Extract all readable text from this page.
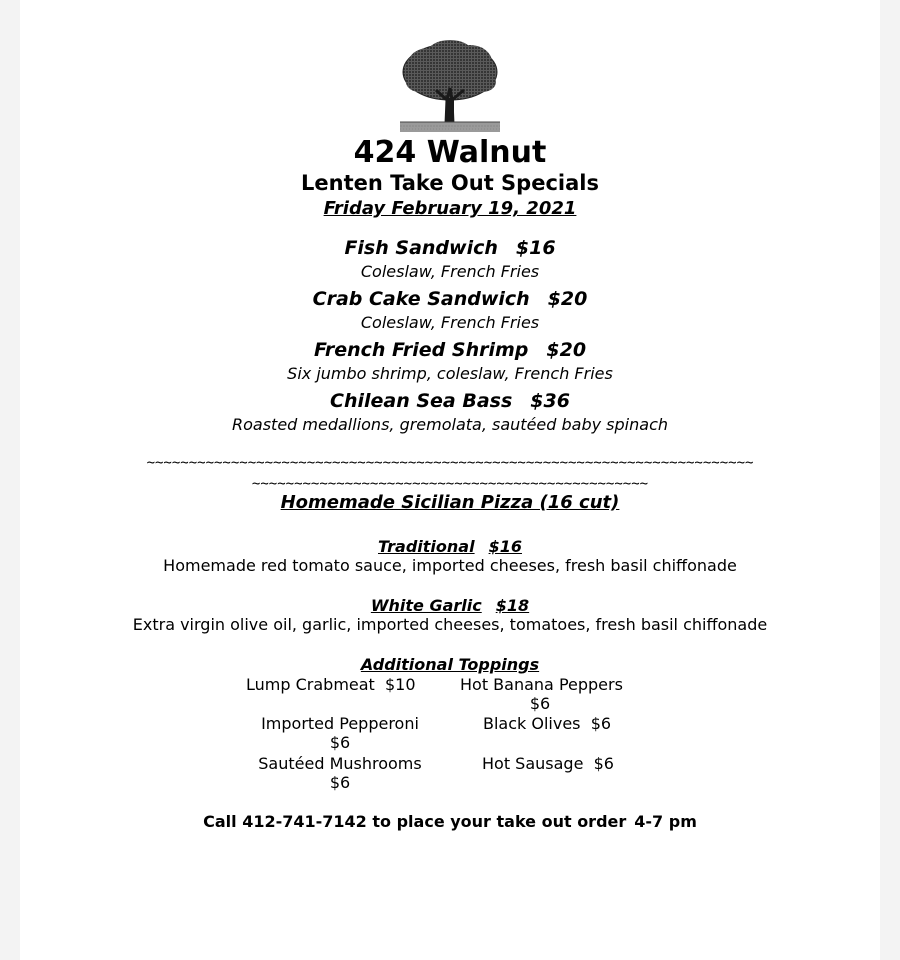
424 Walnut
Lenten Take Out Specials
Friday February 19, 2021
Fish Sandwich $16
Coleslaw, French Fries
Crab Cake Sandwich $20
Coleslaw, French Fries
French Fried Shrimp $20
Six jumbo shrimp, coleslaw, French Fries
Chilean Sea Bass $36
Roasted medallions, gremolata, sautéed baby spinach
~~~~~~~~~~~~~~~~~~~~~~~~~~~~~~~~~~~~~~~~~~~~~~~~~~~~~~~~~~~~~~~~~~~~~~~~
~~~~~~~~~~~~~~~~~~~~~~~~~~~~~~~~~~~~~~~~~~~~~~~
Homemade Sicilian Pizza (16 cut)
Traditional $16
Homemade red tomato sauce, imported cheeses, fresh basil chiffonade
White Garlic $18
Extra virgin olive oil, garlic, imported cheeses, tomatoes, fresh basil chiffonade
Additional Toppings
Lump Crabmeat $10	Hot Banana Peppers
$6
Imported Pepperoni
$6
Black Olives $6
Sautéed Mushrooms
$6
Hot Sausage $6
Call 412-741-7142 to place your take out order 4-7 pm
